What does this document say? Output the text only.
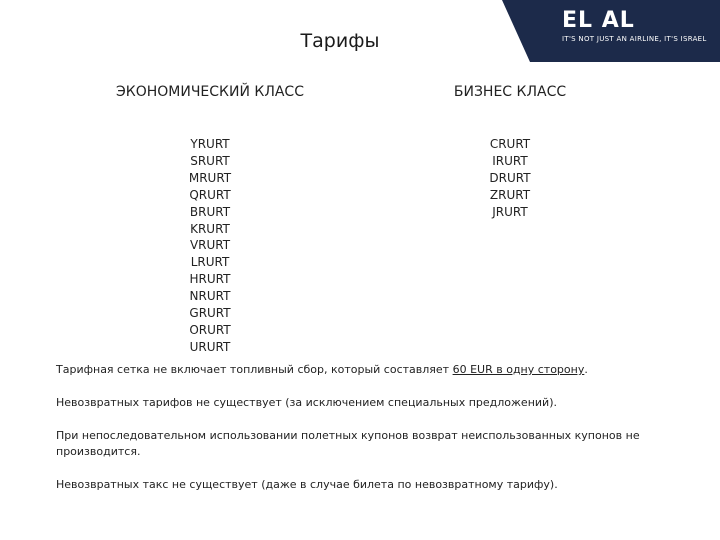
EL AL
IT'S NOT JUST AN AIRLINE, IT'S ISRAEL
Тарифы
ЭКОНОМИЧЕСКИЙ КЛАСС	БИЗНЕС КЛАСС
YRURT
SRURT
MRURT
QRURT
BRURT
KRURT
VRURT
LRURT
HRURT
NRURT
GRURT
ORURT
URURT
CRURT
IRURT
DRURT
ZRURT
JRURT

Тарифная сетка не включает топливный сбор, который составляет 60 EUR в одну сторону.

Невозвратных тарифов не существует (за исключением специальных предложений).

При непоследовательном использовании полетных купонов возврат неиспользованных купонов не производится.

Невозвратных такс не существует (даже в случае билета по невозвратному тарифу).
